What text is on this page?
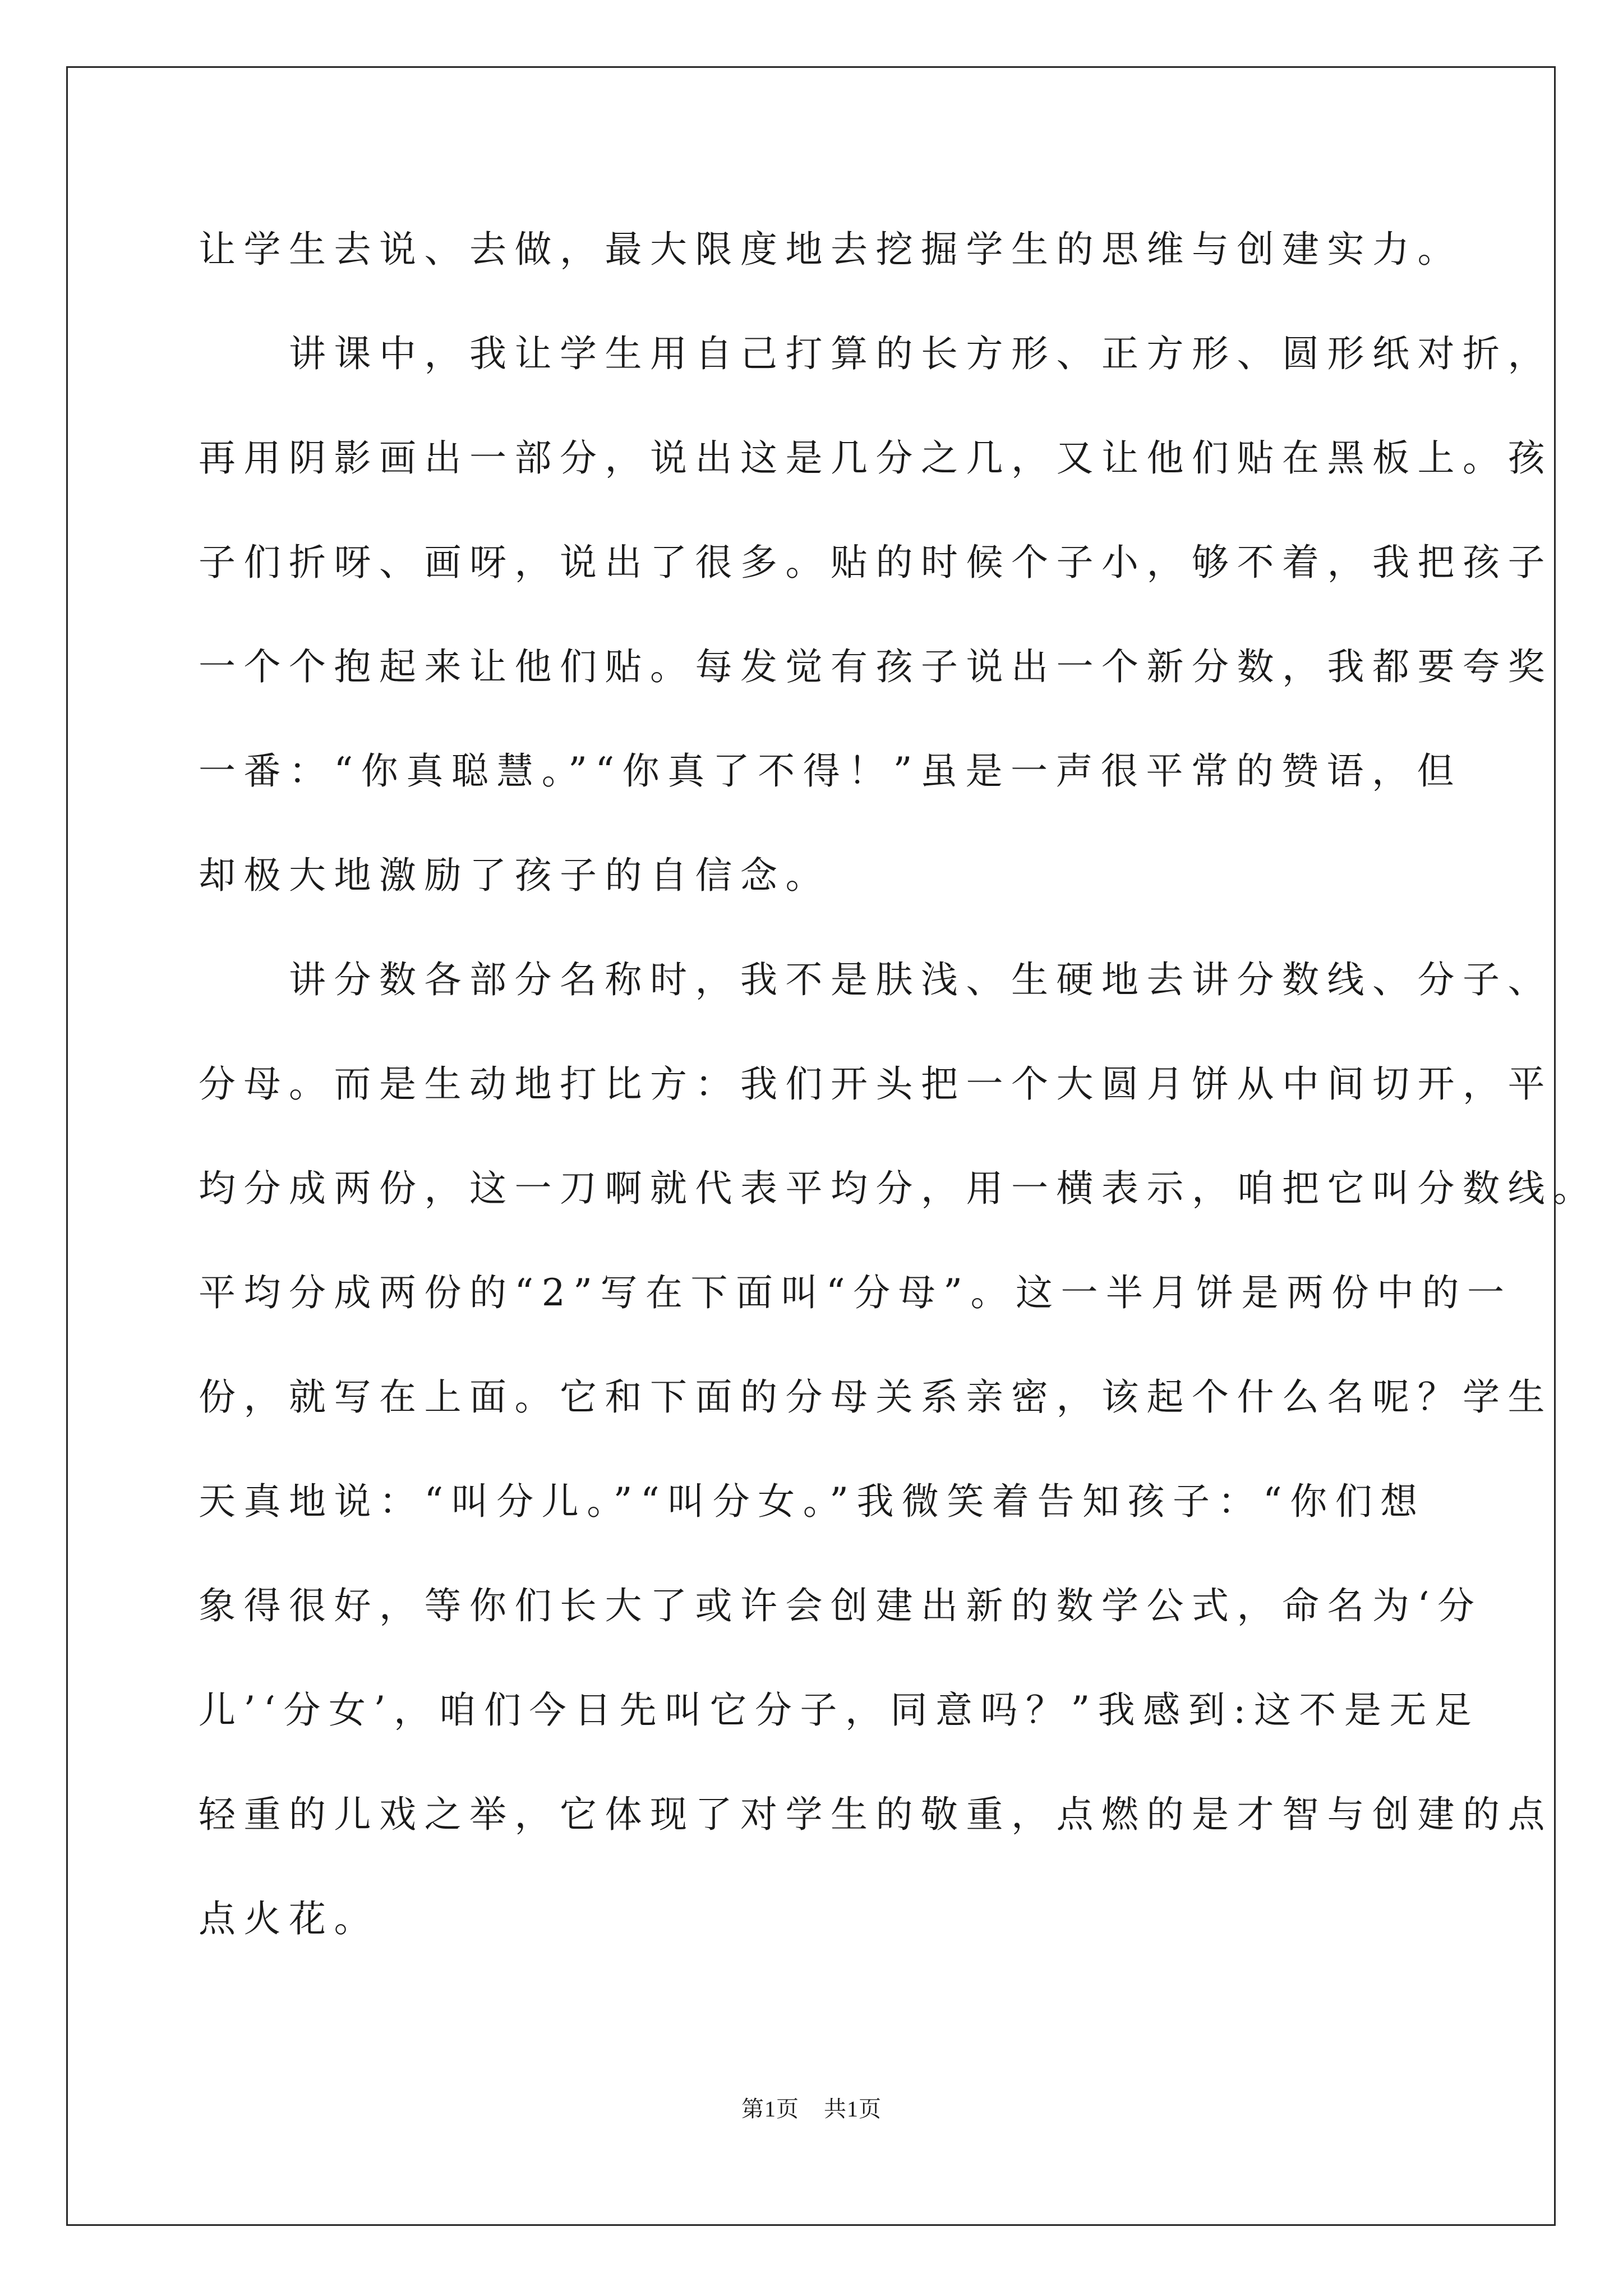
让学生去说、去做，最大限度地去挖掘学生的思维与创建实力。
　　讲课中，我让学生用自己打算的长方形、正方形、圆形纸对折，
再用阴影画出一部分，说出这是几分之几，又让他们贴在黑板上。孩
子们折呀、画呀，说出了很多。贴的时候个子小，够不着，我把孩子
一个个抱起来让他们贴。每发觉有孩子说出一个新分数，我都要夸奖
一番：“你真聪慧。”“你真了不得！”虽是一声很平常的赞语，但
却极大地激励了孩子的自信念。
　　讲分数各部分名称时，我不是肤浅、生硬地去讲分数线、分子、
分母。而是生动地打比方：我们开头把一个大圆月饼从中间切开，平
均分成两份，这一刀啊就代表平均分，用一横表示，咱把它叫分数线。
平均分成两份的“2”写在下面叫“分母”。这一半月饼是两份中的一
份，就写在上面。它和下面的分母关系亲密，该起个什么名呢？学生
天真地说：“叫分儿。”“叫分女。”我微笑着告知孩子：“你们想
象得很好，等你们长大了或许会创建出新的数学公式，命名为‘分
儿’‘分女’，咱们今日先叫它分子，同意吗？”我感到:这不是无足
轻重的儿戏之举，它体现了对学生的敬重，点燃的是才智与创建的点
点火花。
第1页 共1页
